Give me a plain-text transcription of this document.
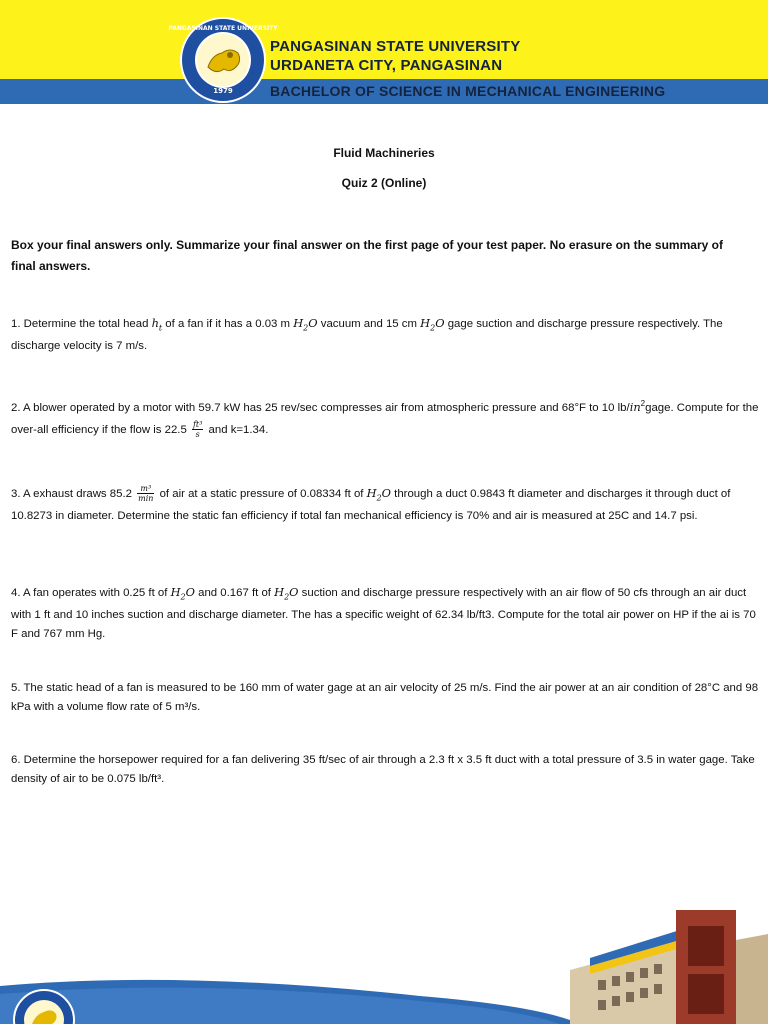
1979
PANGASINAN STATE UNIVERSITY
PANGASINAN STATE UNIVERSITY
URDANETA CITY, PANGASINAN
BACHELOR OF SCIENCE IN MECHANICAL ENGINEERING
Fluid Machineries
Quiz 2 (Online)
Box your final answers only. Summarize your final answer on the first page of your test paper. No erasure on the summary of final answers.
1. Determine the total head $h_t$ of a fan if it has a 0.03 m $H_2O$ vacuum and 15 cm $H_2O$ gage suction and discharge pressure respectively. The discharge velocity is 7 m/s.
2. A blower operated by a motor with 59.7 kW has 25 rev/sec compresses air from atmospheric pressure and 68°F to 10 $lb/in^2gage$. Compute for the over-all efficiency if the flow is $22.5 \frac{\text{ft³}}{s}$ and k=1.34.
3. A exhaust draws $85.2 \frac{\text{m³}}{\min}$ of air at a static pressure of 0.08334 ft of $H_2O$ through a duct 0.9843 ft diameter and discharges it through duct of 10.8273 in diameter. Determine the static fan efficiency if total fan mechanical efficiency is 70% and air is measured at 25C and 14.7 psi.
4. A fan operates with 0.25 ft of $H_2O$ and 0.167 ft of $H_2O$ suction and discharge pressure respectively with an air flow of 50 cfs through an air duct with 1 ft and 10 inches suction and discharge diameter. The has a specific weight of 62.34 lb/ft3. Compute for the total air power on HP if the ai is 70 F and 767 mm Hg.
5. The static head of a fan is measured to be 160 mm of water gage at an air velocity of 25 m/s. Find the air power at an air condition of 28°C and 98 kPa with a volume flow rate of 5 m³/s.
6. Determine the horsepower required for a fan delivering 35 ft/sec of air through a 2.3 ft x 3.5 ft duct with a total pressure of 3.5 in water gage. Take density of air to be 0.075 lb/ft³.
